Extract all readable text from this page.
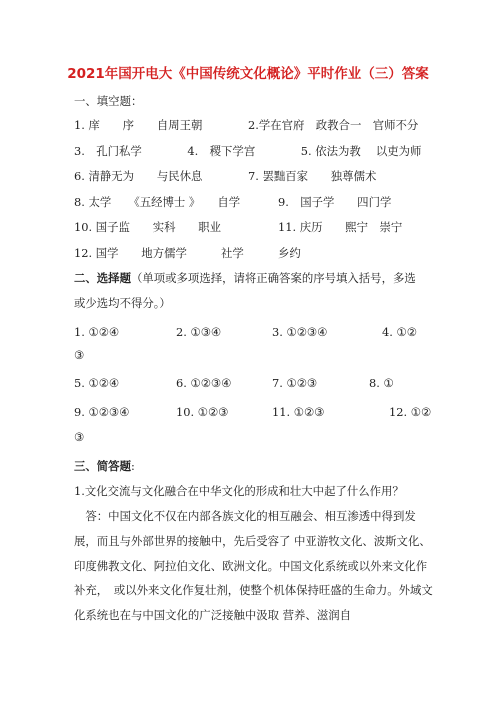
2021年国开电大《中国传统文化概论》平时作业（三）答案
一、填空题：
1. 庠　　序　　自周王朝　　　　2.学在官府　政教合一　官师不分
3.　孔门私学　　　　4.　稷下学宫　　　　5. 依法为教　 以吏为师
6. 清静无为　　与民休息　　　　7. 罢黜百家　　独尊儒术
8. 太学　　《五经博士 》　　自学　　　 9.　国子学　　四门学
10. 国子监　　实科　　职业　　　　　11. 庆历　　熙宁　崇宁
12. 国学　　地方儒学　　　社学　　　乡约
二、选择题（单项或多项选择，请将正确答案的序号填入括号，多选
或少选均不得分。）
1. ①②④	2. ①③④	3. ①②③④	4. ①②
③
5. ①②④	6. ①②③④	7. ①②③	8. ①
9. ①②③④	10. ①②③	11. ①②③	12. ①②
③
三、简答题:
1.文化交流与文化融合在中华文化的形成和壮大中起了什么作用？
　答：中国文化不仅在内部各族文化的相互融会、相互渗透中得到发展，而且与外部世界的接触中，先后受容了 中亚游牧文化、波斯文化、印度佛教文化、阿拉伯文化、欧洲文化。中国文化系统或以外来文化作补充，　或以外来文化作复壮剂，使整个机体保持旺盛的生命力。外域文化系统也在与中国文化的广泛接触中汲取 营养、滋润自
